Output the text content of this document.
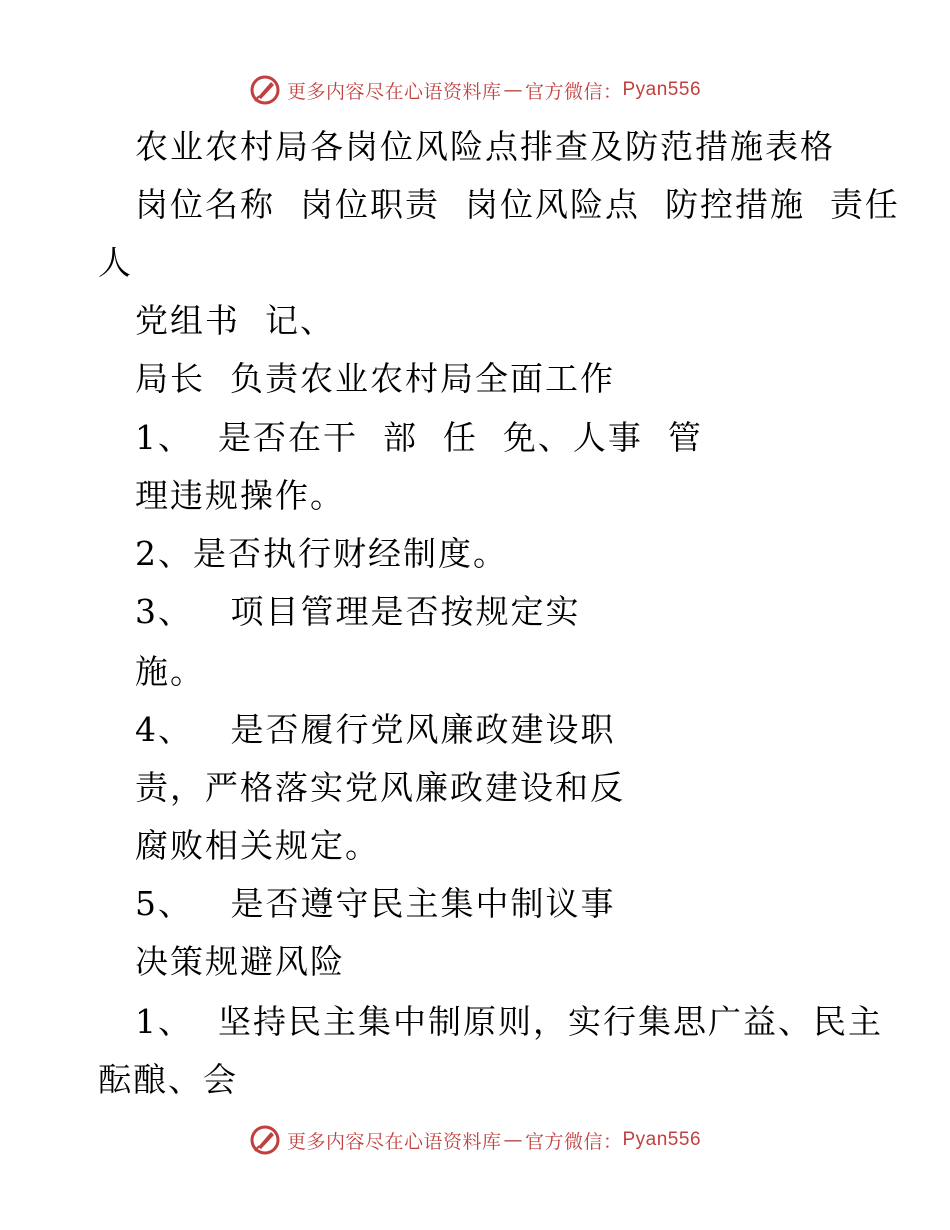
更多内容尽在心语资料库 — 官方微信： Pyan556
农业农村局各岗位风险点排查及防范措施表格
岗位名称  岗位职责  岗位风险点  防控措施  责任
人
党组书  记、
局长  负责农业农村局全面工作
1、  是否在干  部  任  免、人事  管
理违规操作。
2、是否执行财经制度。
3、   项目管理是否按规定实
施。
4、   是否履行党风廉政建设职
责，严格落实党风廉政建设和反
腐败相关规定。
5、   是否遵守民主集中制议事
决策规避风险
1、  坚持民主集中制原则，实行集思广益、民主
酝酿、会
更多内容尽在心语资料库 — 官方微信： Pyan556
